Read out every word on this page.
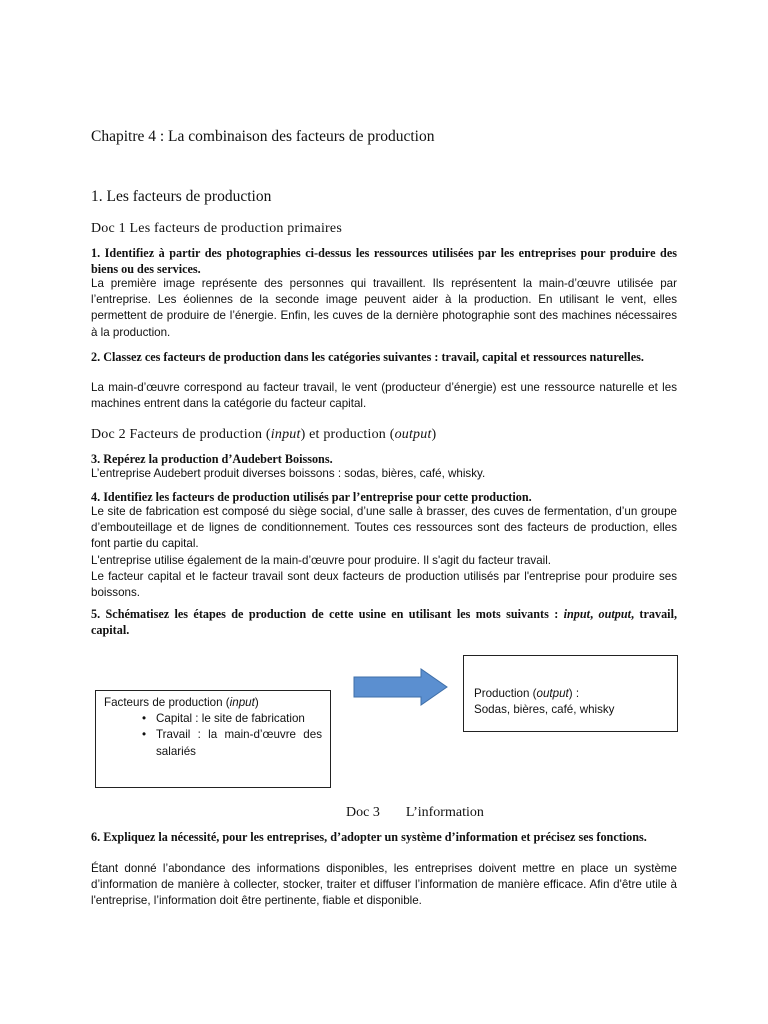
Chapitre 4 : La combinaison des facteurs de production
1. Les facteurs de production
Doc 1 Les facteurs de production primaires
1. Identifiez à partir des photographies ci-dessus les ressources utilisées par les entreprises pour produire des biens ou des services.
La première image représente des personnes qui travaillent. Ils représentent la main-d’œuvre utilisée par l’entreprise. Les éoliennes de la seconde image peuvent aider à la production. En utilisant le vent, elles permettent de produire de l’énergie. Enfin, les cuves de la dernière photographie sont des machines nécessaires à la production.
2. Classez ces facteurs de production dans les catégories suivantes : travail, capital et ressources naturelles.
La main-d’œuvre correspond au facteur travail, le vent (producteur d’énergie) est une ressource naturelle et les machines entrent dans la catégorie du facteur capital.
Doc 2 Facteurs de production (input) et production (output)
3. Repérez la production d’Audebert Boissons.
L’entreprise Audebert produit diverses boissons : sodas, bières, café, whisky.
4. Identifiez les facteurs de production utilisés par l’entreprise pour cette production.

Le site de fabrication est composé du siège social, d’une salle à brasser, des cuves de fermentation, d’un groupe d’embouteillage et de lignes de conditionnement. Toutes ces ressources sont des facteurs de production, elles font partie du capital.

L'entreprise utilise également de la main-d’œuvre pour produire. Il s'agit du facteur travail.

Le facteur capital et le facteur travail sont deux facteurs de production utilisés par l'entreprise pour produire ses boissons.

5. Schématisez les étapes de production de cette usine en utilisant les mots suivants : input, output, travail, capital.
Facteurs de production (input)
• Capital : le site de fabrication
• Travail : la main-d’œuvre des salariés
Production (output) :
Sodas, bières, café, whisky
Doc 3 L’information
6. Expliquez la nécessité, pour les entreprises, d’adopter un système d’information et précisez ses fonctions.
Étant donné l’abondance des informations disponibles, les entreprises doivent mettre en place un système d’information de manière à collecter, stocker, traiter et diffuser l’information de manière efficace. Afin d'être utile à l'entreprise, l’information doit être pertinente, fiable et disponible.
